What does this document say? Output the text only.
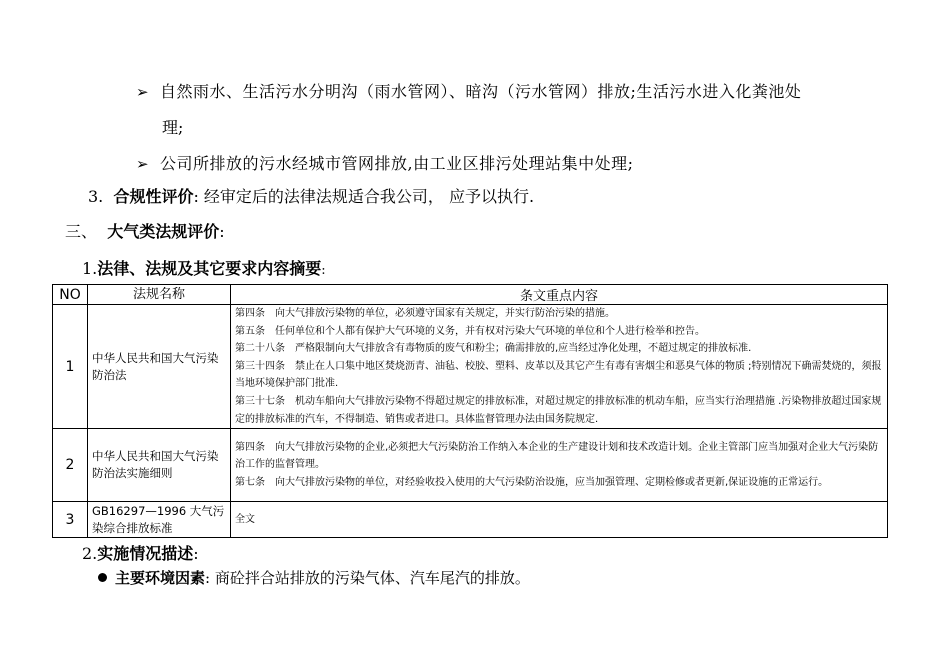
➢ 自然雨水、生活污水分明沟（雨水管网）、暗沟（污水管网）排放;生活污水进入化粪池处
理;
➢ 公司所排放的污水经城市管网排放,由工业区排污处理站集中处理;
3. 合规性评价: 经审定后的法律法规适合我公司， 应予以执行.
三、 大气类法规评价:
1.法律、法规及其它要求内容摘要:
NO	法规名称	条文重点内容
1	中华人民共和国大气污染防治法	第四条　向大气排放污染物的单位，必须遵守国家有关规定，并实行防治污染的措施。
第五条　任何单位和个人都有保护大气环境的义务，并有权对污染大气环境的单位和个人进行检举和控告。
第二十八条　严格限制向大气排放含有毒物质的废气和粉尘；确需排放的,应当经过净化处理，不超过规定的排放标准.
第三十四条　禁止在人口集中地区焚烧沥青、油毡、校胶、塑料、皮革以及其它产生有毒有害烟尘和恶臭气体的物质 ;特别情况下确需焚烧的，须报当地环境保护部门批准.
第三十七条　机动车船向大气排放污染物不得超过规定的排放标准，对超过规定的排放标准的机动车船，应当实行治理措施 .污染物排放超过国家规定的排放标准的汽车，不得制造、销售或者进口。具体监督管理办法由国务院规定.

2	中华人民共和国大气污染防治法实施细则	第四条　向大气排放污染物的企业,必须把大气污染防治工作纳入本企业的生产建设计划和技术改造计划。企业主管部门应当加强对企业大气污染防治工作的监督管理。
第七条　向大气排放污染物的单位，对经验收投入使用的大气污染防治设施，应当加强管理、定期检修或者更新,保证设施的正常运行。

3	GB16297—1996 大气污染综合排放标准	全文
2.实施情况描述:
主要环境因素: 商砼拌合站排放的污染气体、汽车尾汽的排放。
